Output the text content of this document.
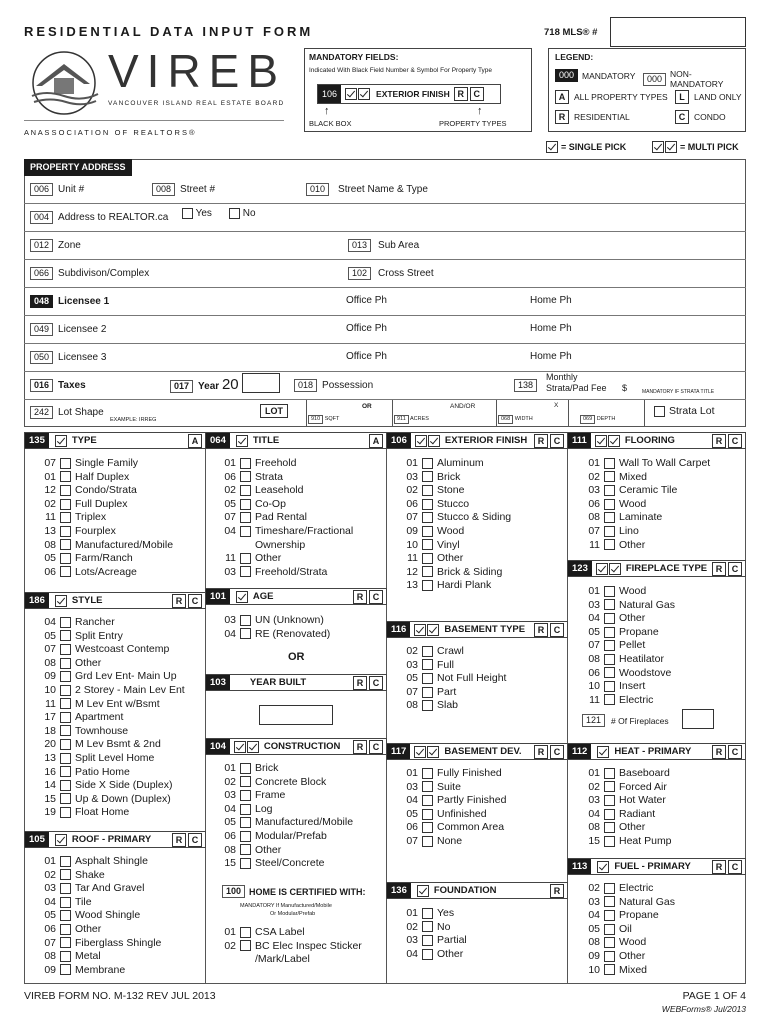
RESIDENTIAL DATA INPUT FORM	718 MLS® #
VIREB
VANCOUVER ISLAND REAL ESTATE BOARD
A N A S S O C I A T I O N   O F   R E A L T O R S ®
MANDATORY FIELDS:
Indicated With Black Field Number & Symbol For Property Type
106	EXTERIOR FINISH R	C
↑	↑
BLACK BOX	PROPERTY TYPES
LEGEND:
000 MANDATORY	000 NON-MANDATORY
A	ALL PROPERTY TYPES	L	LAND ONLY
R	RESIDENTIAL	C	CONDO
= SINGLE PICK	= MULTI PICK
PROPERTY ADDRESS
006 Unit #	008 Street #	010 Street Name & Type
004 Address to REALTOR.ca	Yes	No
012 Zone	013 Sub Area
066 Subdivison/Complex	102 Cross Street
048 Licensee 1	Office Ph	Home Ph
049 Licensee 2	Office Ph	Home Ph
050 Licensee 3	Office Ph	Home Ph
016 Taxes	017 Year 20	018 Possession	138
Monthly Strata/Pad Fee	$	MANDATORY IF STRATA TITLE
242 Lot Shape
EXAMPLE: IRREG
LOT	OR	AND/OR	X
910 SQFT	911 ACRES	068 WIDTH	069 DEPTH
Strata Lot
135	TYPE	A
07 Single Family
01 Half Duplex
12 Condo/Strata
02 Full Duplex
11 Triplex
13 Fourplex
08 Manufactured/Mobile
05 Farm/Ranch
06 Lots/Acreage
186	STYLE	R	C
04 Rancher
05 Split Entry
07 Westcoast Contemp
08 Other
09 Grd Lev Ent- Main Up
10 2 Storey - Main Lev Ent
11 M Lev Ent w/Bsmt
17 Apartment
18 Townhouse
20 M Lev Bsmt & 2nd
13 Split Level Home
16 Patio Home
14 Side X Side (Duplex)
15 Up & Down (Duplex)
19 Float Home
105	ROOF - PRIMARY	R	C
01 Asphalt Shingle
02 Shake
03 Tar And Gravel
04 Tile
05 Wood Shingle
06 Other
07 Fiberglass Shingle
08 Metal
09 Membrane
064	TITLE	A
01 Freehold
06 Strata
02 Leasehold
05 Co-Op
07 Pad Rental
04 Timeshare/Fractional
Ownership
11 Other
03 Freehold/Strata
101	AGE	R	C
03 UN (Unknown)
04 RE (Renovated)
OR
103	YEAR BUILT	R	C
104	CONSTRUCTION	R	C
01 Brick
02 Concrete Block
03 Frame
04 Log
05 Manufactured/Mobile
06 Modular/Prefab
08 Other
15 Steel/Concrete
100 HOME IS CERTIFIED WITH:
MANDATORY If Manufactured/Mobile
Or Modular/Prefab
01 CSA Label
02 BC Elec Inspec Sticker
/Mark/Label
106	EXTERIOR FINISH	R	C
01 Aluminum
03 Brick
02 Stone
06 Stucco
07 Stucco & Siding
09 Wood
10 Vinyl
11 Other
12 Brick & Siding
13 Hardi Plank
116	BASEMENT TYPE	R	C
02 Crawl
03 Full
05 Not Full Height
07 Part
08 Slab
117	BASEMENT DEV.	R	C
01 Fully Finished
03 Suite
04 Partly Finished
05 Unfinished
06 Common Area
07 None
136	FOUNDATION	R
01 Yes
02 No
03 Partial
04 Other
111	FLOORING	R	C
01 Wall To Wall Carpet
02 Mixed
03 Ceramic Tile
06 Wood
08 Laminate
07 Lino
11 Other
123	FIREPLACE TYPE R	C
01 Wood
03 Natural Gas
04 Other
05 Propane
07 Pellet
08 Heatilator
06 Woodstove
10 Insert
11 Electric
121	# Of Fireplaces
112	HEAT - PRIMARY	R	C
01 Baseboard
02 Forced Air
03 Hot Water
04 Radiant
08 Other
15 Heat Pump
113	FUEL - PRIMARY	R	C
02 Electric
03 Natural Gas
04 Propane
05 Oil
08 Wood
09 Other
10 Mixed
VIREB FORM NO. M-132 REV JUL 2013	PAGE 1 OF 4
WEBForms® Jul/2013
